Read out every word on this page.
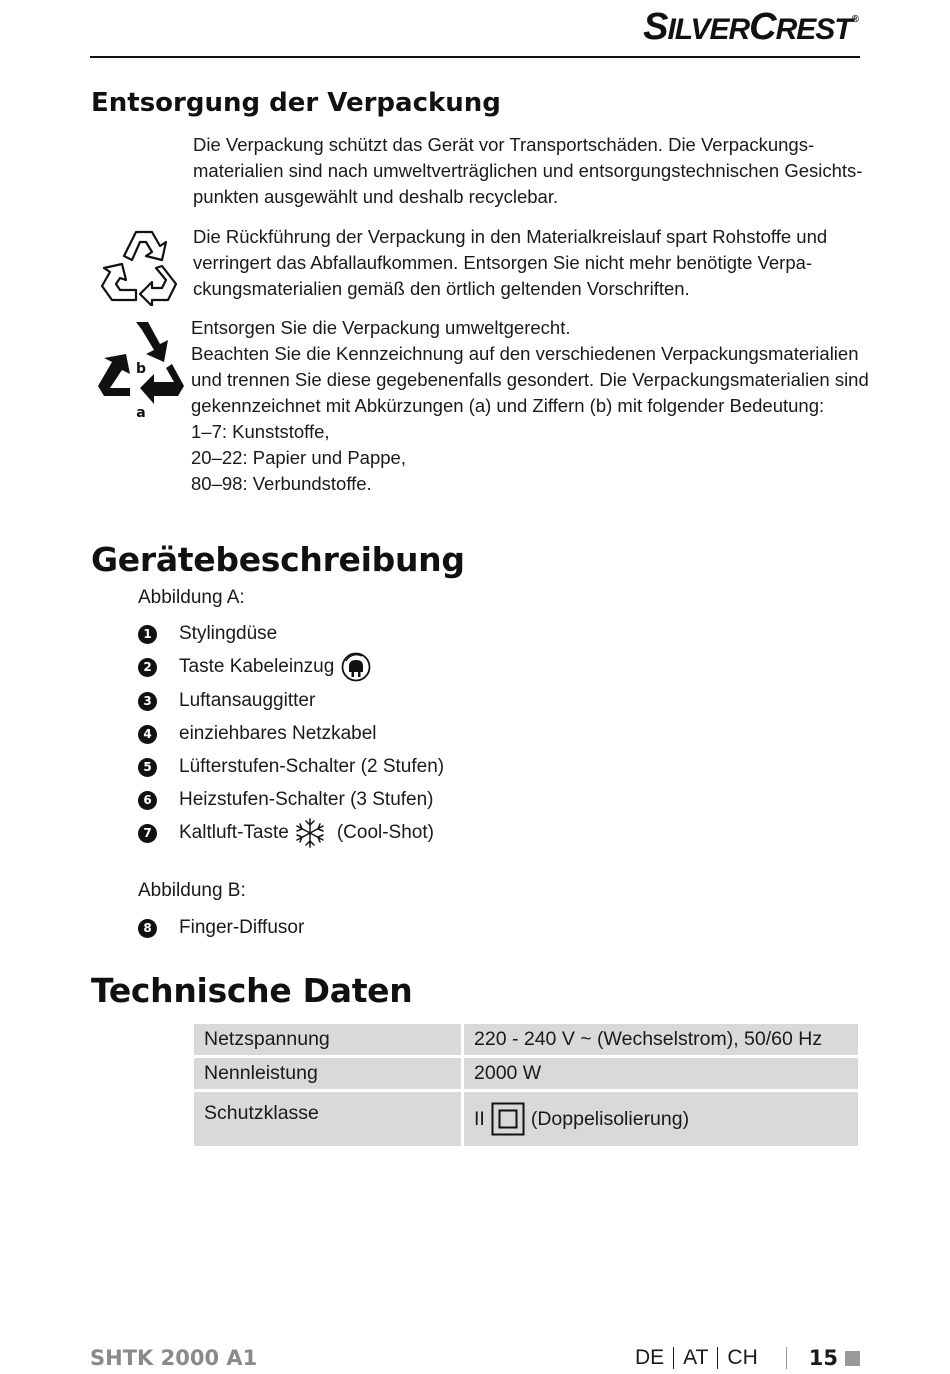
SILVERCREST®
Entsorgung der Verpackung
Die Verpackung schützt das Gerät vor Transportschäden. Die Verpackungs-
materialien sind nach umweltverträglichen und entsorgungstechnischen Gesichts-
punkten ausgewählt und deshalb recyclebar.
Die Rückführung der Verpackung in den Materialkreislauf spart Rohstoffe und
verringert das Abfallaufkommen. Entsorgen Sie nicht mehr benötigte Verpa-
ckungsmaterialien gemäß den örtlich geltenden Vorschriften.
b
a
Entsorgen Sie die Verpackung umweltgerecht.
Beachten Sie die Kennzeichnung auf den verschiedenen Verpackungsmaterialien
und trennen Sie diese gegebenenfalls gesondert. Die Verpackungsmaterialien sind
gekennzeichnet mit Abkürzungen (a) und Ziffern (b) mit folgender Bedeutung:
1–7: Kunststoffe,
20–22: Papier und Pappe,
80–98: Verbundstoffe.
Gerätebeschreibung
Abbildung A:
1 Stylingdüse
2 Taste Kabeleinzug
3 Luftansauggitter
4 einziehbares Netzkabel
5 Lüfterstufen-Schalter (2 Stufen)
6 Heizstufen-Schalter (3 Stufen)
7 Kaltluft-Taste	(Cool-Shot)
Abbildung B:
8 Finger-Diffusor
Technische Daten
Netzspannung	220 - 240 V ~ (Wechselstrom), 50/60 Hz
Nennleistung	2000 W
Schutzklasse	II (Doppelisolierung)
SHTK 2000 A1	DE AT CH 15
